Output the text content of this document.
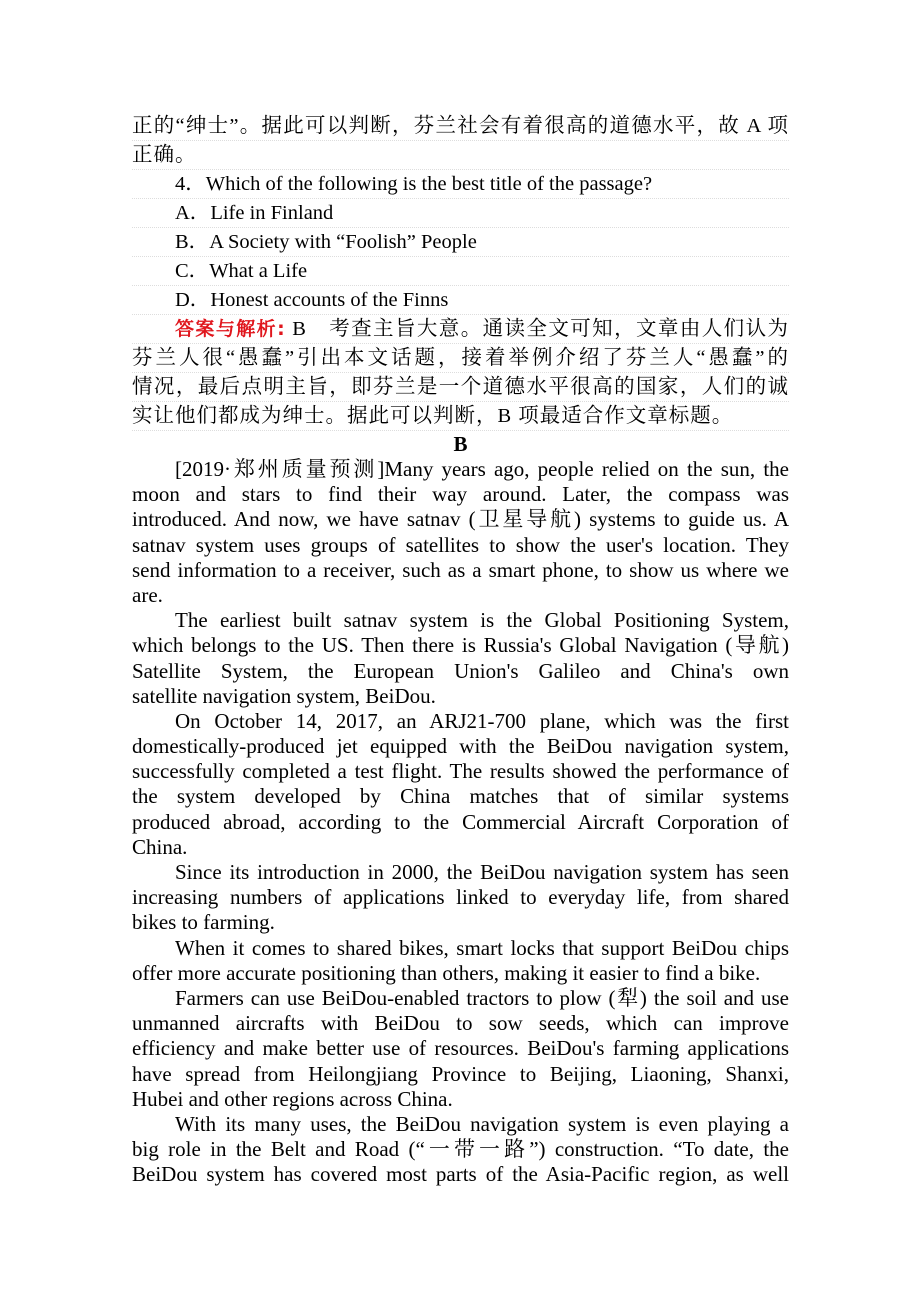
正的“绅士”。据此可以判断，芬兰社会有着很高的道德水平，故 A 项
正确。
4．Which of the following is the best title of the passage?
A．Life in Finland
B．A Society with “Foolish” People
C．What a Life
D．Honest accounts of the Finns
答案与解析: B　考查主旨大意。通读全文可知，文章由人们认为
芬兰人很“愚蠢”引出本文话题，接着举例介绍了芬兰人“愚蠢”的
情况，最后点明主旨，即芬兰是一个道德水平很高的国家，人们的诚
实让他们都成为绅士。据此可以判断，B 项最适合作文章标题。
B
[2019·郑州质量预测]Many years ago, people relied on the sun, the
moon and stars to find their way around. Later, the compass was
introduced. And now, we have satnav (卫星导航) systems to guide us. A
satnav system uses groups of satellites to show the user's location. They
send information to a receiver, such as a smart phone, to show us where we
are.
The earliest built satnav system is the Global Positioning System,
which belongs to the US. Then there is Russia's Global Navigation (导航)
Satellite System, the European Union's Galileo and China's own
satellite navigation system, BeiDou.
On October 14, 2017, an ARJ21-700 plane, which was the first
domestically-produced jet equipped with the BeiDou navigation system,
successfully completed a test flight. The results showed the performance of
the system developed by China matches that of similar systems
produced abroad, according to the Commercial Aircraft Corporation of
China.
Since its introduction in 2000, the BeiDou navigation system has seen
increasing numbers of applications linked to everyday life, from shared
bikes to farming.
When it comes to shared bikes, smart locks that support BeiDou chips
offer more accurate positioning than others, making it easier to find a bike.
Farmers can use BeiDou-enabled tractors to plow (犁) the soil and use
unmanned aircrafts with BeiDou to sow seeds, which can improve
efficiency and make better use of resources. BeiDou's farming applications
have spread from Heilongjiang Province to Beijing, Liaoning, Shanxi,
Hubei and other regions across China.
With its many uses, the BeiDou navigation system is even playing a
big role in the Belt and Road (“一带一路”) construction. “To date, the
BeiDou system has covered most parts of the Asia-Pacific region, as well
